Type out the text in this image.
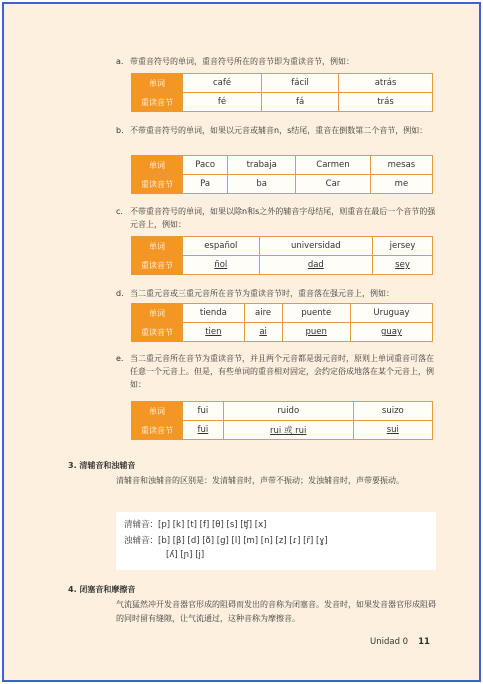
a. 带重音符号的单词，重音符号所在的音节即为重读音节，例如：
单词	café	fácil	atrás
重读音节	fé	fá	trás
b. 不带重音符号的单词，如果以元音或辅音n，s结尾，重音在倒数第二个音节，例如：
单词	Paco	trabaja	Carmen	mesas
重读音节	Pa	ba	Car	me
c. 不带重音符号的单词，如果以除n和s之外的辅音字母结尾，则重音在最后一个音节的强元音上，例如：
单词	español	universidad	jersey
重读音节	ñol	dad	sey
d. 当二重元音或三重元音所在音节为重读音节时，重音落在强元音上，例如：
单词	tienda	aire	puente	Uruguay
重读音节	tien	ai	puen	guay
e. 当二重元音所在音节为重读音节，并且两个元音都是弱元音时，原则上单词重音可落在任意一个元音上。但是，有些单词的重音相对固定，会约定俗成地落在某个元音上，例如：
单词	fui	ruido	suizo
重读音节	fui	rui 或 rui	sui
3. 清辅音和浊辅音
清辅音和浊辅音的区别是：发清辅音时，声带不振动；发浊辅音时，声带要振动。
清辅音：[p] [k] [t] [f] [θ] [s] [ʧ] [x]
浊辅音：[b] [β] [d] [ð] [g] [l] [m] [n] [z] [ɾ] [r̄] [ɣ]
[ʎ] [ɲ] [j]
4. 闭塞音和摩擦音
气流猛然冲开发音器官形成的阻碍而发出的音称为闭塞音。发音时，如果发音器官形成阻碍的同时留有缝隙，让气流通过，这种音称为摩擦音。
Unidad 0 11
